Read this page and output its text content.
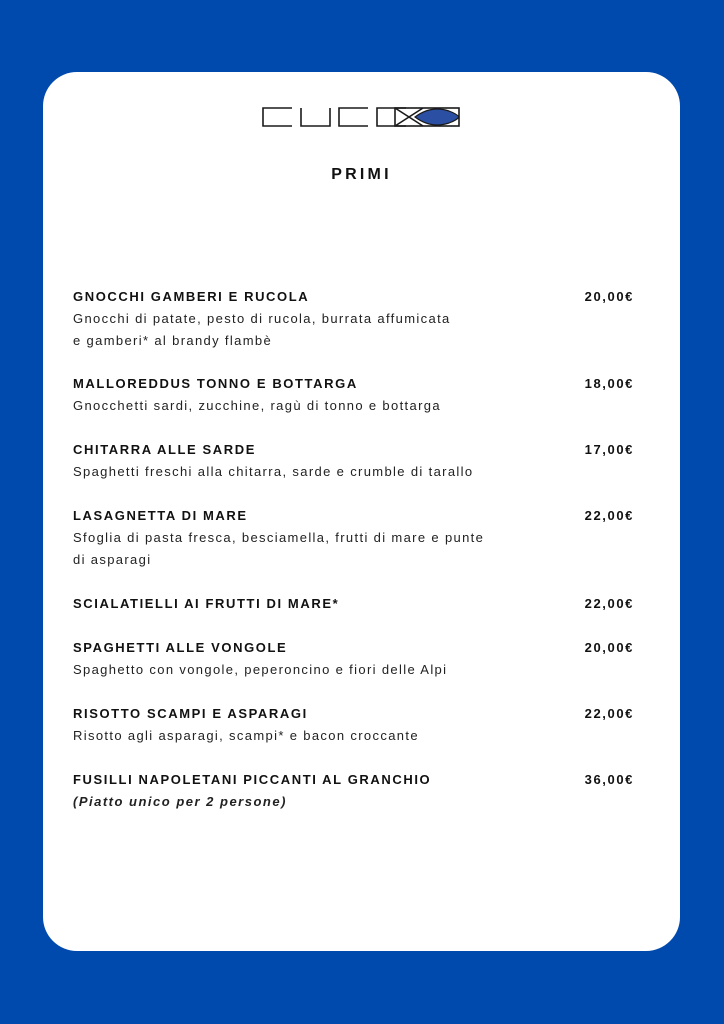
PRIMI
GNOCCHI GAMBERI E RUCOLA
Gnocchi di patate, pesto di rucola, burrata affumicata
e gamberi* al brandy flambè
20,00€
MALLOREDDUS TONNO E BOTTARGA
Gnocchetti sardi, zucchine, ragù di tonno e bottarga
18,00€
CHITARRA ALLE SARDE
Spaghetti freschi alla chitarra, sarde e crumble di tarallo
17,00€
LASAGNETTA DI MARE
Sfoglia di pasta fresca, besciamella, frutti di mare e punte
di asparagi
22,00€
SCIALATIELLI AI FRUTTI DI MARE*	22,00€
SPAGHETTI ALLE VONGOLE
Spaghetto con vongole, peperoncino e fiori delle Alpi
20,00€
RISOTTO SCAMPI E ASPARAGI
Risotto agli asparagi, scampi* e bacon croccante
22,00€
FUSILLI NAPOLETANI PICCANTI AL GRANCHIO
(Piatto unico per 2 persone)
36,00€
